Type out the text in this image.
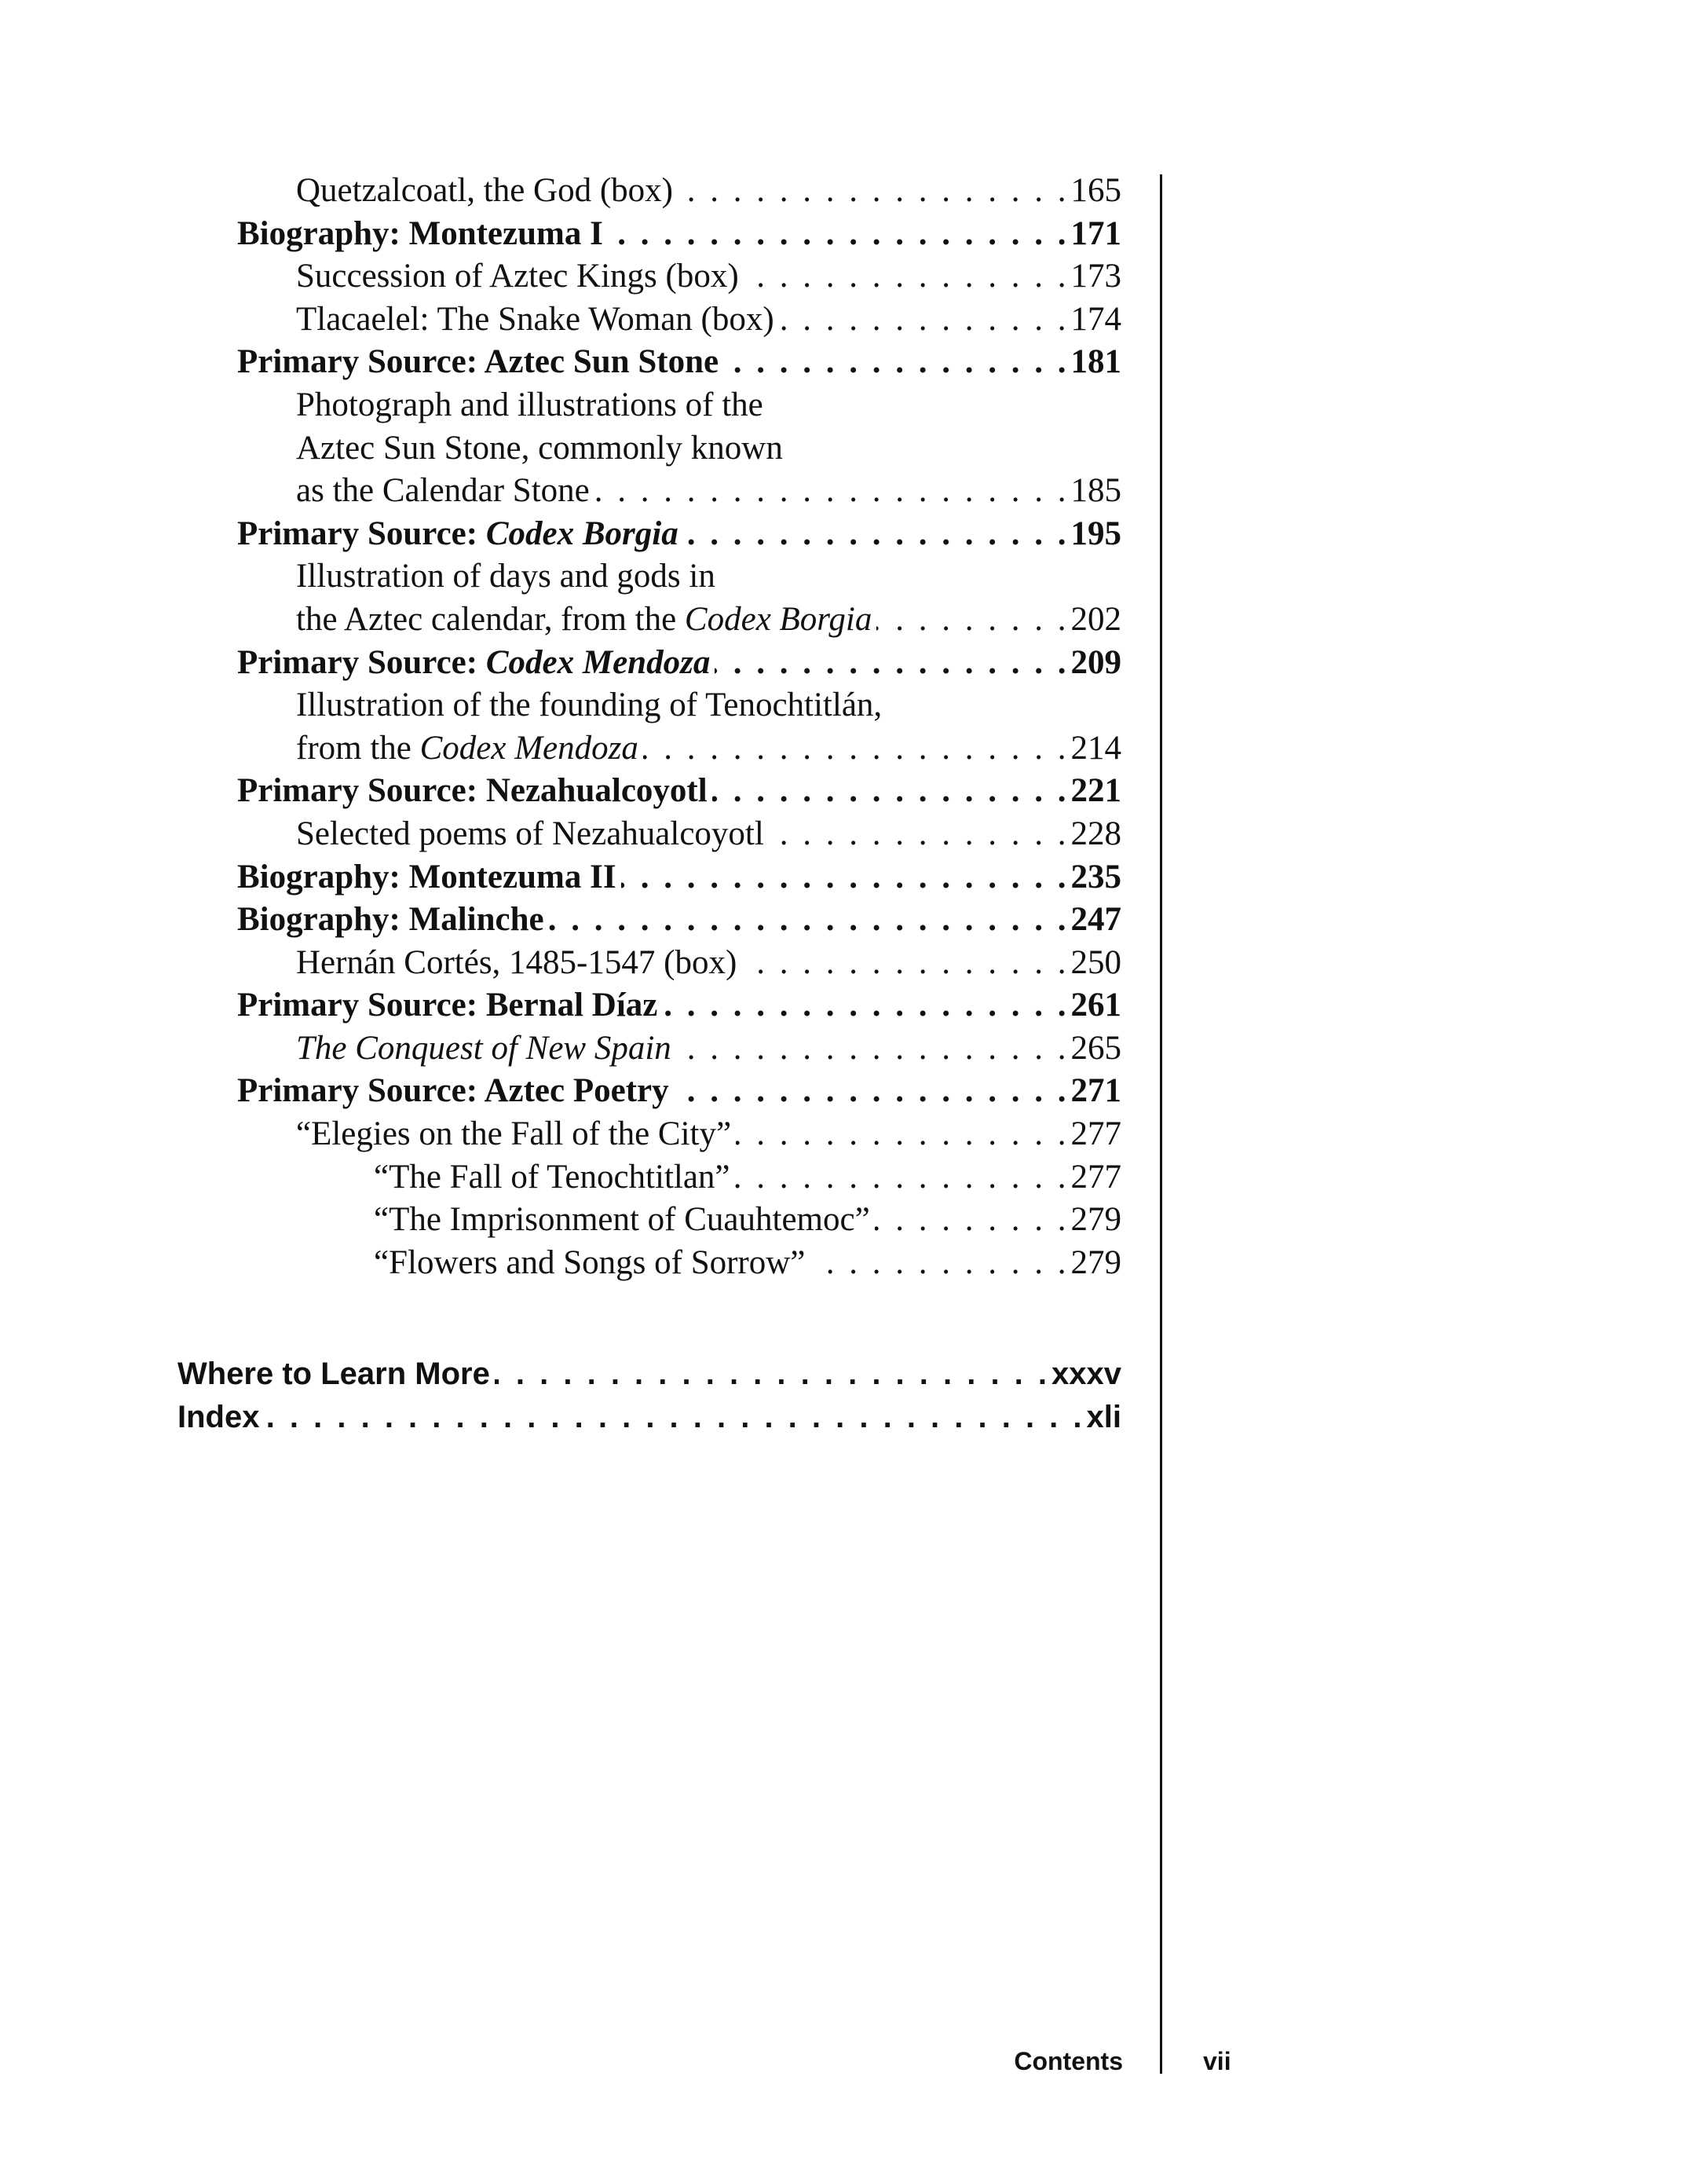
Quetzalcoatl, the God (box) . . .	165
Biography: Montezuma I . . .	171
Succession of Aztec Kings (box) . . .	173
Tlacaelel: The Snake Woman (box) . . .	174
Primary Source: Aztec Sun Stone . . .	181
Photograph and illustrations of the
Aztec Sun Stone, commonly known
as the Calendar Stone . . .	185
Primary Source: Codex Borgia . . .	195
Illustration of days and gods in
the Aztec calendar, from the Codex Borgia . . .	202
Primary Source: Codex Mendoza . . .	209
Illustration of the founding of Tenochtitlán,
from the Codex Mendoza . . .	214
Primary Source: Nezahualcoyotl . . .	221
Selected poems of Nezahualcoyotl . . .	228
Biography: Montezuma II . . .	235
Biography: Malinche . . .	247
Hernán Cortés, 1485-1547 (box) . . .	250
Primary Source: Bernal Díaz . . .	261
The Conquest of New Spain . . .	265
Primary Source: Aztec Poetry . . .	271
“Elegies on the Fall of the City” . . .	277
“The Fall of Tenochtitlan” . . .	277
“The Imprisonment of Cuauhtemoc” . . .	279
“Flowers and Songs of Sorrow” . . .	279
Where to Learn More . . .	xxxv
Index . . .	xli
Contents	vii
